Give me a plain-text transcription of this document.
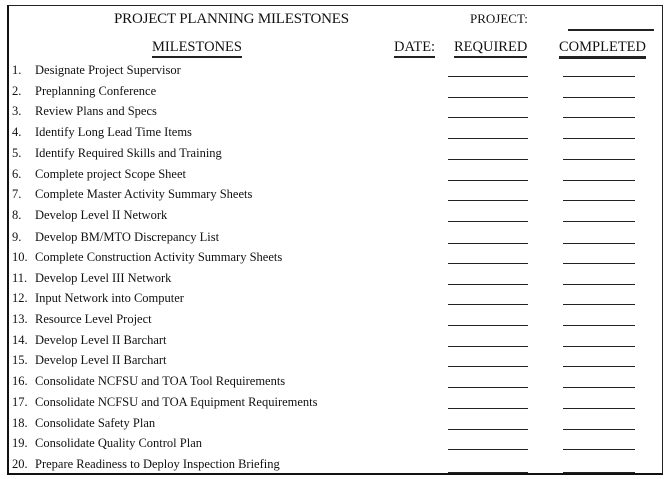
PROJECT PLANNING MILESTONES	PROJECT:
MILESTONES	DATE: REQUIRED COMPLETED
1. Designate Project Supervisor
2. Preplanning Conference
3. Review Plans and Specs
4. Identify Long Lead Time Items
5. Identify Required Skills and Training
6. Complete project Scope Sheet
7. Complete Master Activity Summary Sheets
8. Develop Level II Network
9. Develop BM/MTO Discrepancy List
10. Complete Construction Activity Summary Sheets
11. Develop Level III Network
12. Input Network into Computer
13. Resource Level Project
14. Develop Level II Barchart
15. Develop Level II Barchart
16. Consolidate NCFSU and TOA Tool Requirements
17. Consolidate NCFSU and TOA Equipment Requirements
18. Consolidate Safety Plan
19. Consolidate Quality Control Plan
20. Prepare Readiness to Deploy Inspection Briefing
